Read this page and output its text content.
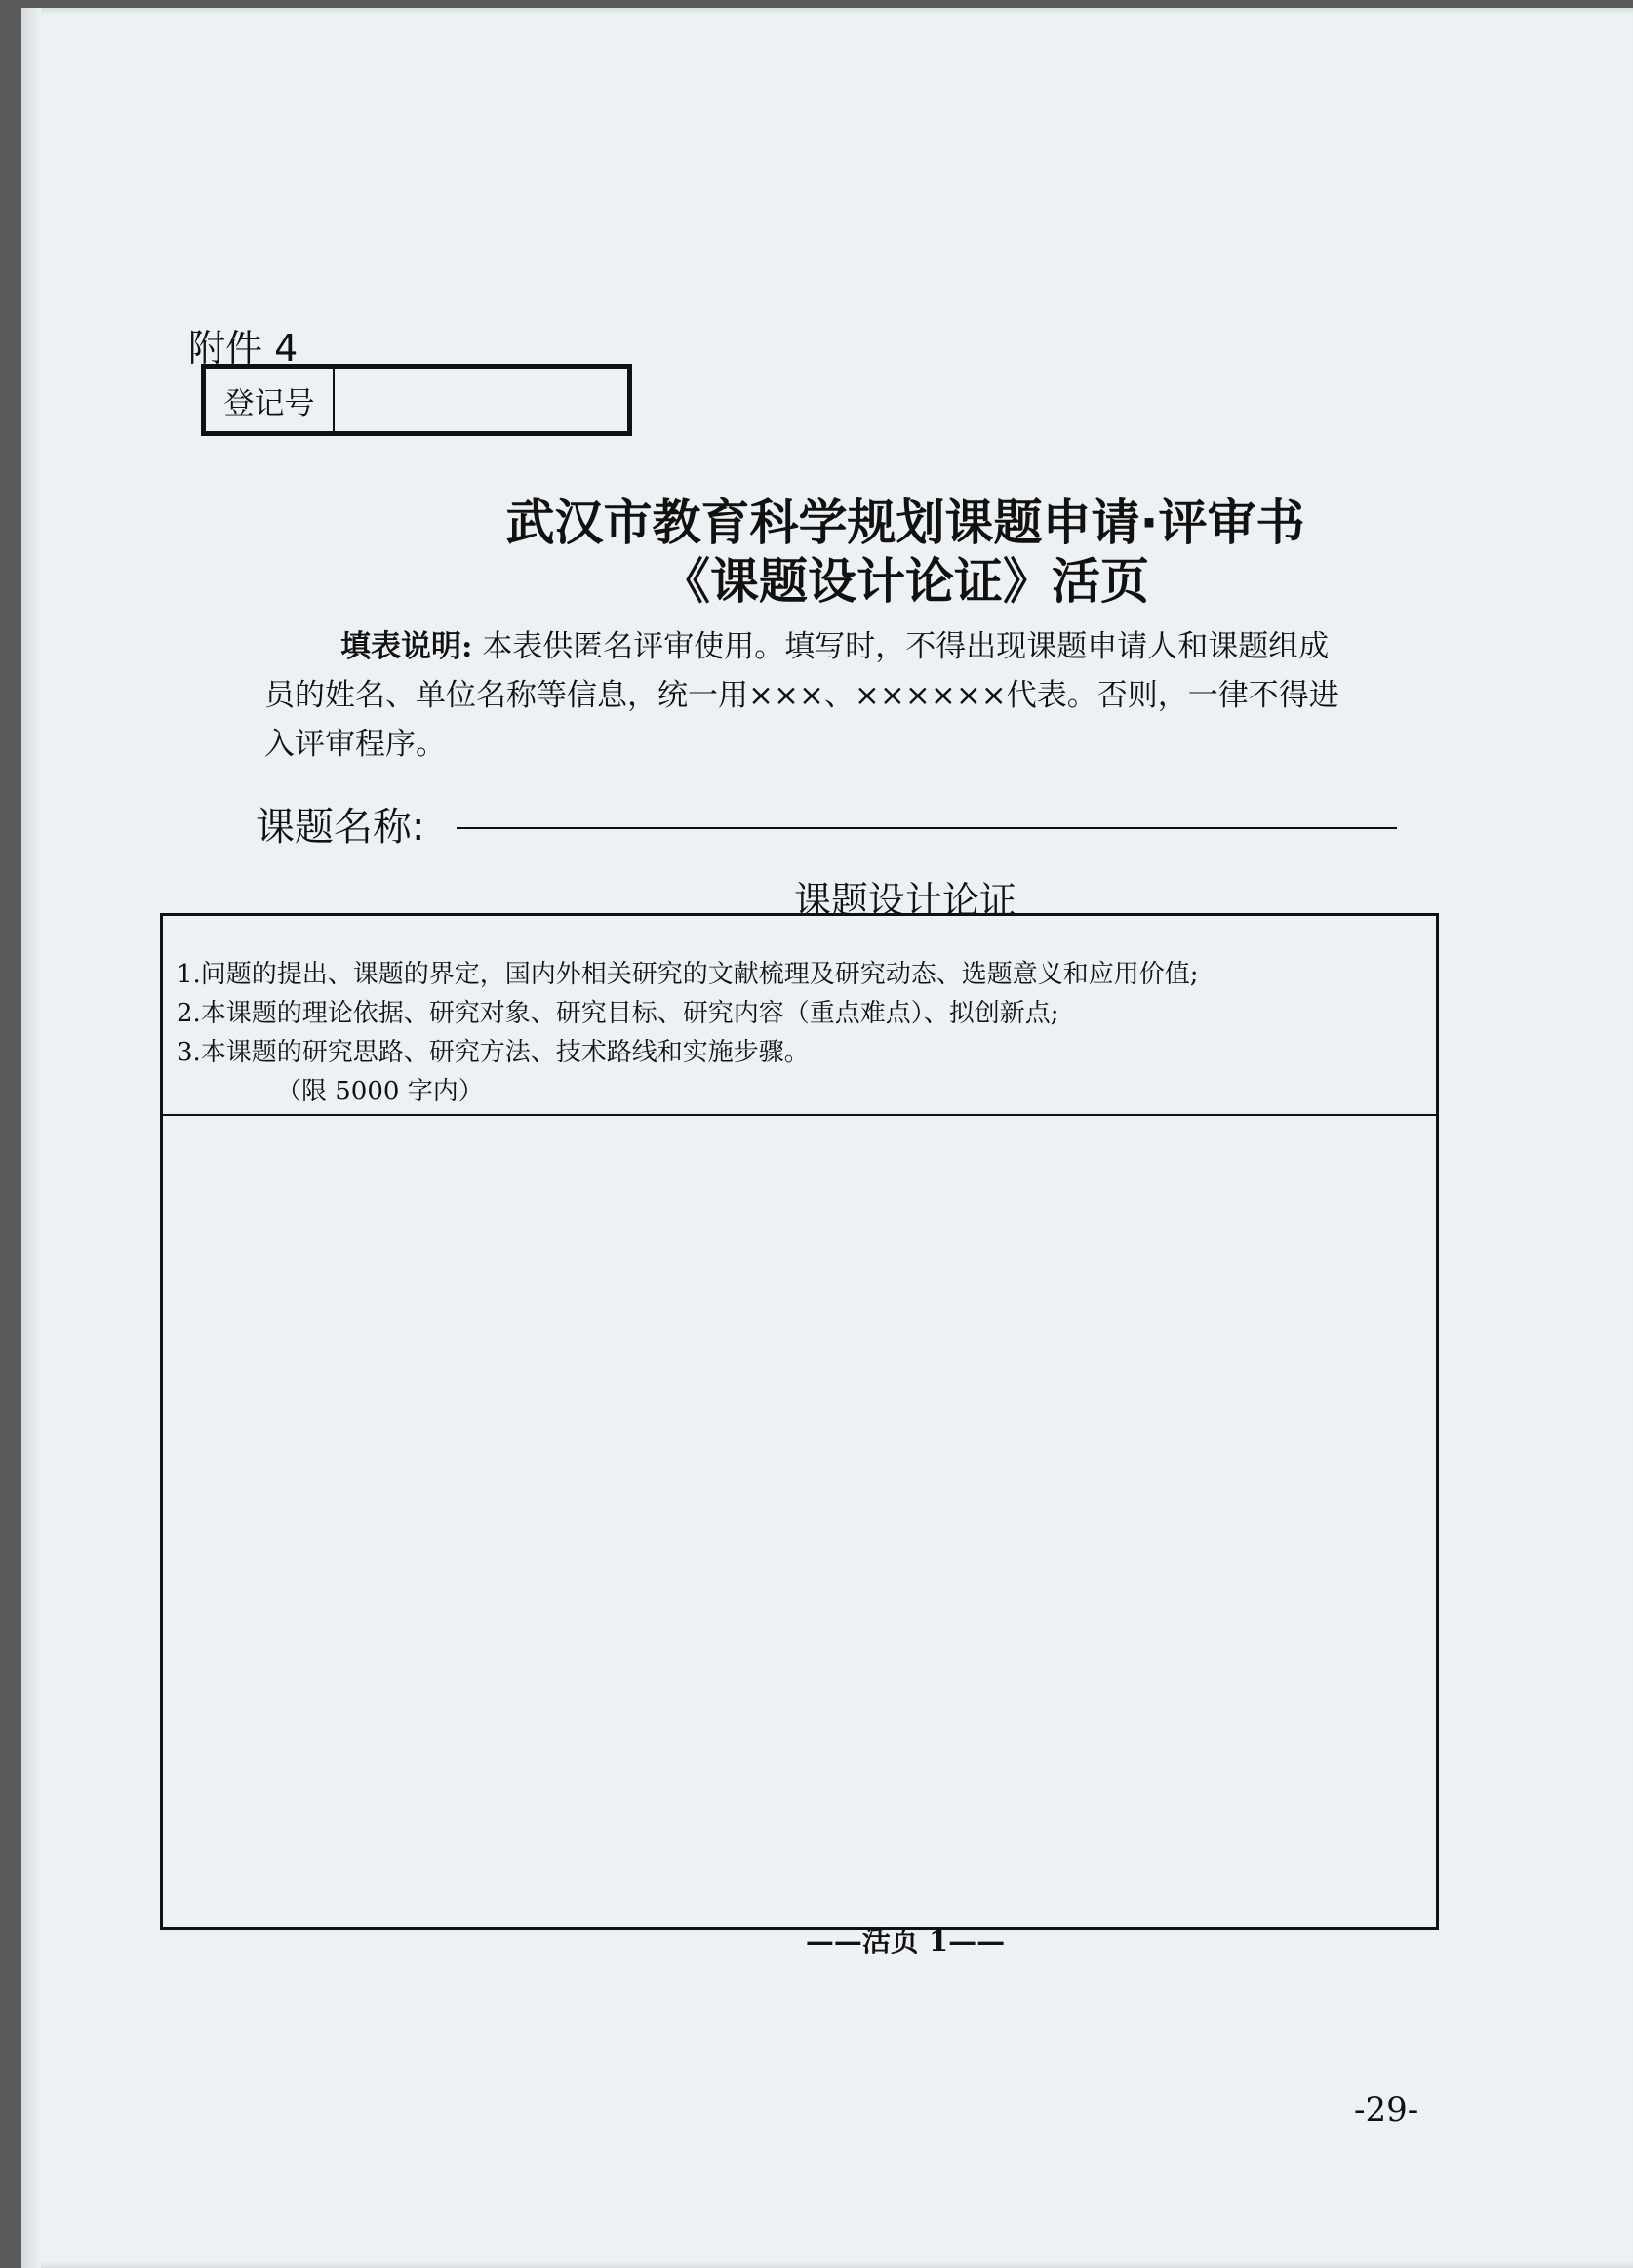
附件 4
登记号
武汉市教育科学规划课题申请·评审书
《课题设计论证》活页
填表说明: 本表供匿名评审使用。填写时，不得出现课题申请人和课题组成员的姓名、单位名称等信息，统一用×××、××××××代表。否则，一律不得进入评审程序。
课题名称:
课题设计论证
1.问题的提出、课题的界定，国内外相关研究的文献梳理及研究动态、选题意义和应用价值;
2.本课题的理论依据、研究对象、研究目标、研究内容（重点难点）、拟创新点;
3.本课题的研究思路、研究方法、技术路线和实施步骤。
（限 5000 字内）
——活页 1——
-29-
